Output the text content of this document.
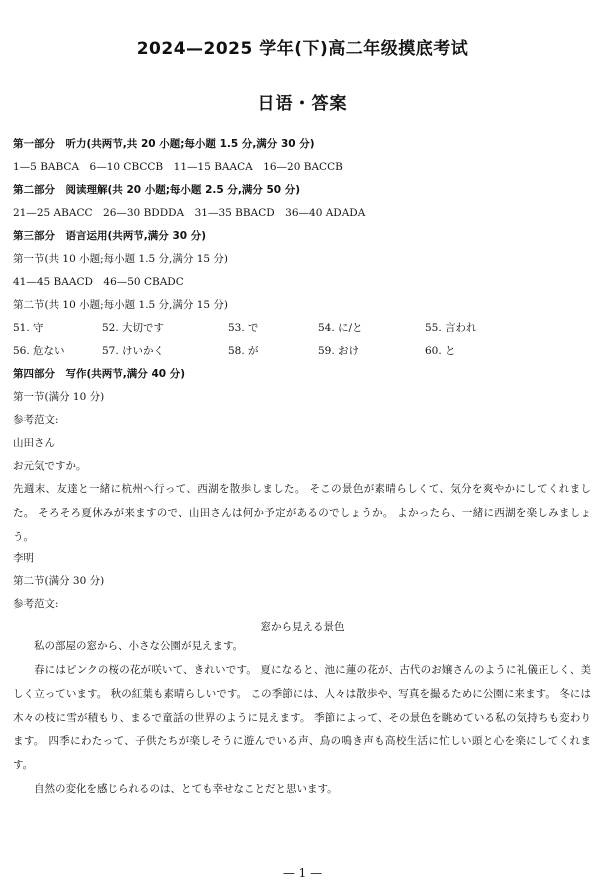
2024—2025 学年(下)高二年级摸底考试
日语・答案
第一部分　听力(共两节,共 20 小题;每小题 1.5 分,满分 30 分)
1—5 BABCA　6—10 CBCCB　11—15 BAACA　16—20 BACCB
第二部分　阅读理解(共 20 小题;每小题 2.5 分,满分 50 分)
21—25 ABACC　26—30 BDDDA　31—35 BBACD　36—40 ADADA
第三部分　语言运用(共两节,满分 30 分)
第一节(共 10 小题;每小题 1.5 分,满分 15 分)
41—45 BAACD　46—50 CBADC
第二节(共 10 小题;每小题 1.5 分,满分 15 分)
51. 守	52. 大切です	53. で	54. に/と	55. 言われ
56. 危ない	57. けいかく	58. が	59. おけ	60. と
第四部分　写作(共两节,满分 40 分)
第一节(满分 10 分)
参考范文:
山田さん
お元気ですか。

先週末、友達と一緒に杭州へ行って、西湖を散歩しました。 そこの景色が素晴らしくて、気分を爽やかにしてくれました。 そろそろ夏休みが来ますので、山田さんは何か予定があるのでしょうか。 よかったら、一緒に西湖を楽しみましょう。

李明
第二节(满分 30 分)
参考范文:
窓から見える景色

私の部屋の窓から、小さな公園が見えます。

春にはピンクの桜の花が咲いて、きれいです。 夏になると、池に蓮の花が、古代のお嬢さんのように礼儀正しく、美しく立っています。 秋の紅葉も素晴らしいです。 この季節には、人々は散歩や、写真を撮るために公園に来ます。 冬には木々の枝に雪が積もり、まるで童話の世界のように見えます。 季節によって、その景色を眺めている私の気持ちも変わります。 四季にわたって、子供たちが楽しそうに遊んでいる声、鳥の鳴き声も高校生活に忙しい頭と心を楽にしてくれます。

自然の変化を感じられるのは、とても幸せなことだと思います。

— 1 —
